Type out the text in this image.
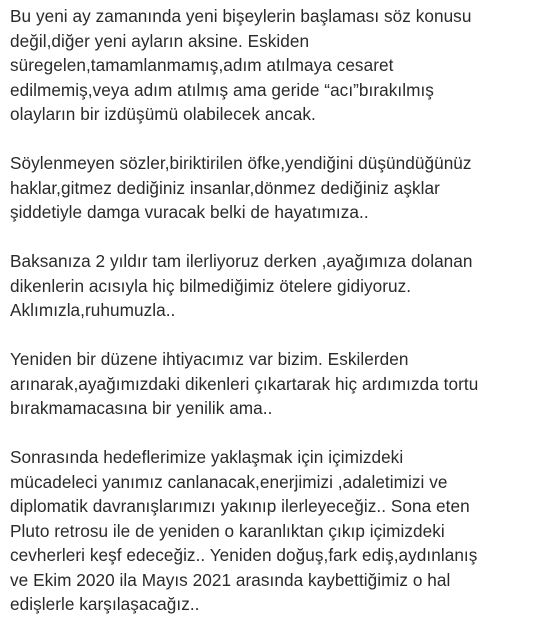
Bu yeni ay zamanında yeni bişeylerin başlaması söz konusu
değil,diğer yeni ayların aksine. Eskiden
süregelen,tamamlanmamış,adım atılmaya cesaret
edilmemiş,veya adım atılmış ama geride “acı”bırakılmış
olayların bir izdüşümü olabilecek ancak.

Söylenmeyen sözler,biriktirilen öfke,yendiğini düşündüğünüz
haklar,gitmez dediğiniz insanlar,dönmez dediğiniz aşklar
şiddetiyle damga vuracak belki de hayatımıza..

Baksanıza 2 yıldır tam ilerliyoruz derken ,ayağımıza dolanan
dikenlerin acısıyla hiç bilmediğimiz ötelere gidiyoruz.
Aklımızla,ruhumuzla..

Yeniden bir düzene ihtiyacımız var bizim. Eskilerden
arınarak,ayağımızdaki dikenleri çıkartarak hiç ardımızda tortu
bırakmamacasına bir yenilik ama..

Sonrasında hedeflerimize yaklaşmak için içimizdeki
mücadeleci yanımız canlanacak,enerjimizi ,adaletimizi ve
diplomatik davranışlarımızı yakınıp ilerleyeceğiz.. Sona eten
Pluto retrosu ile de yeniden o karanlıktan çıkıp içimizdeki
cevherleri keşf edeceğiz.. Yeniden doğuş,fark ediş,aydınlanış
ve Ekim 2020 ila Mayıs 2021 arasında kaybettiğimiz o hal
edişlerle karşılaşacağız..
